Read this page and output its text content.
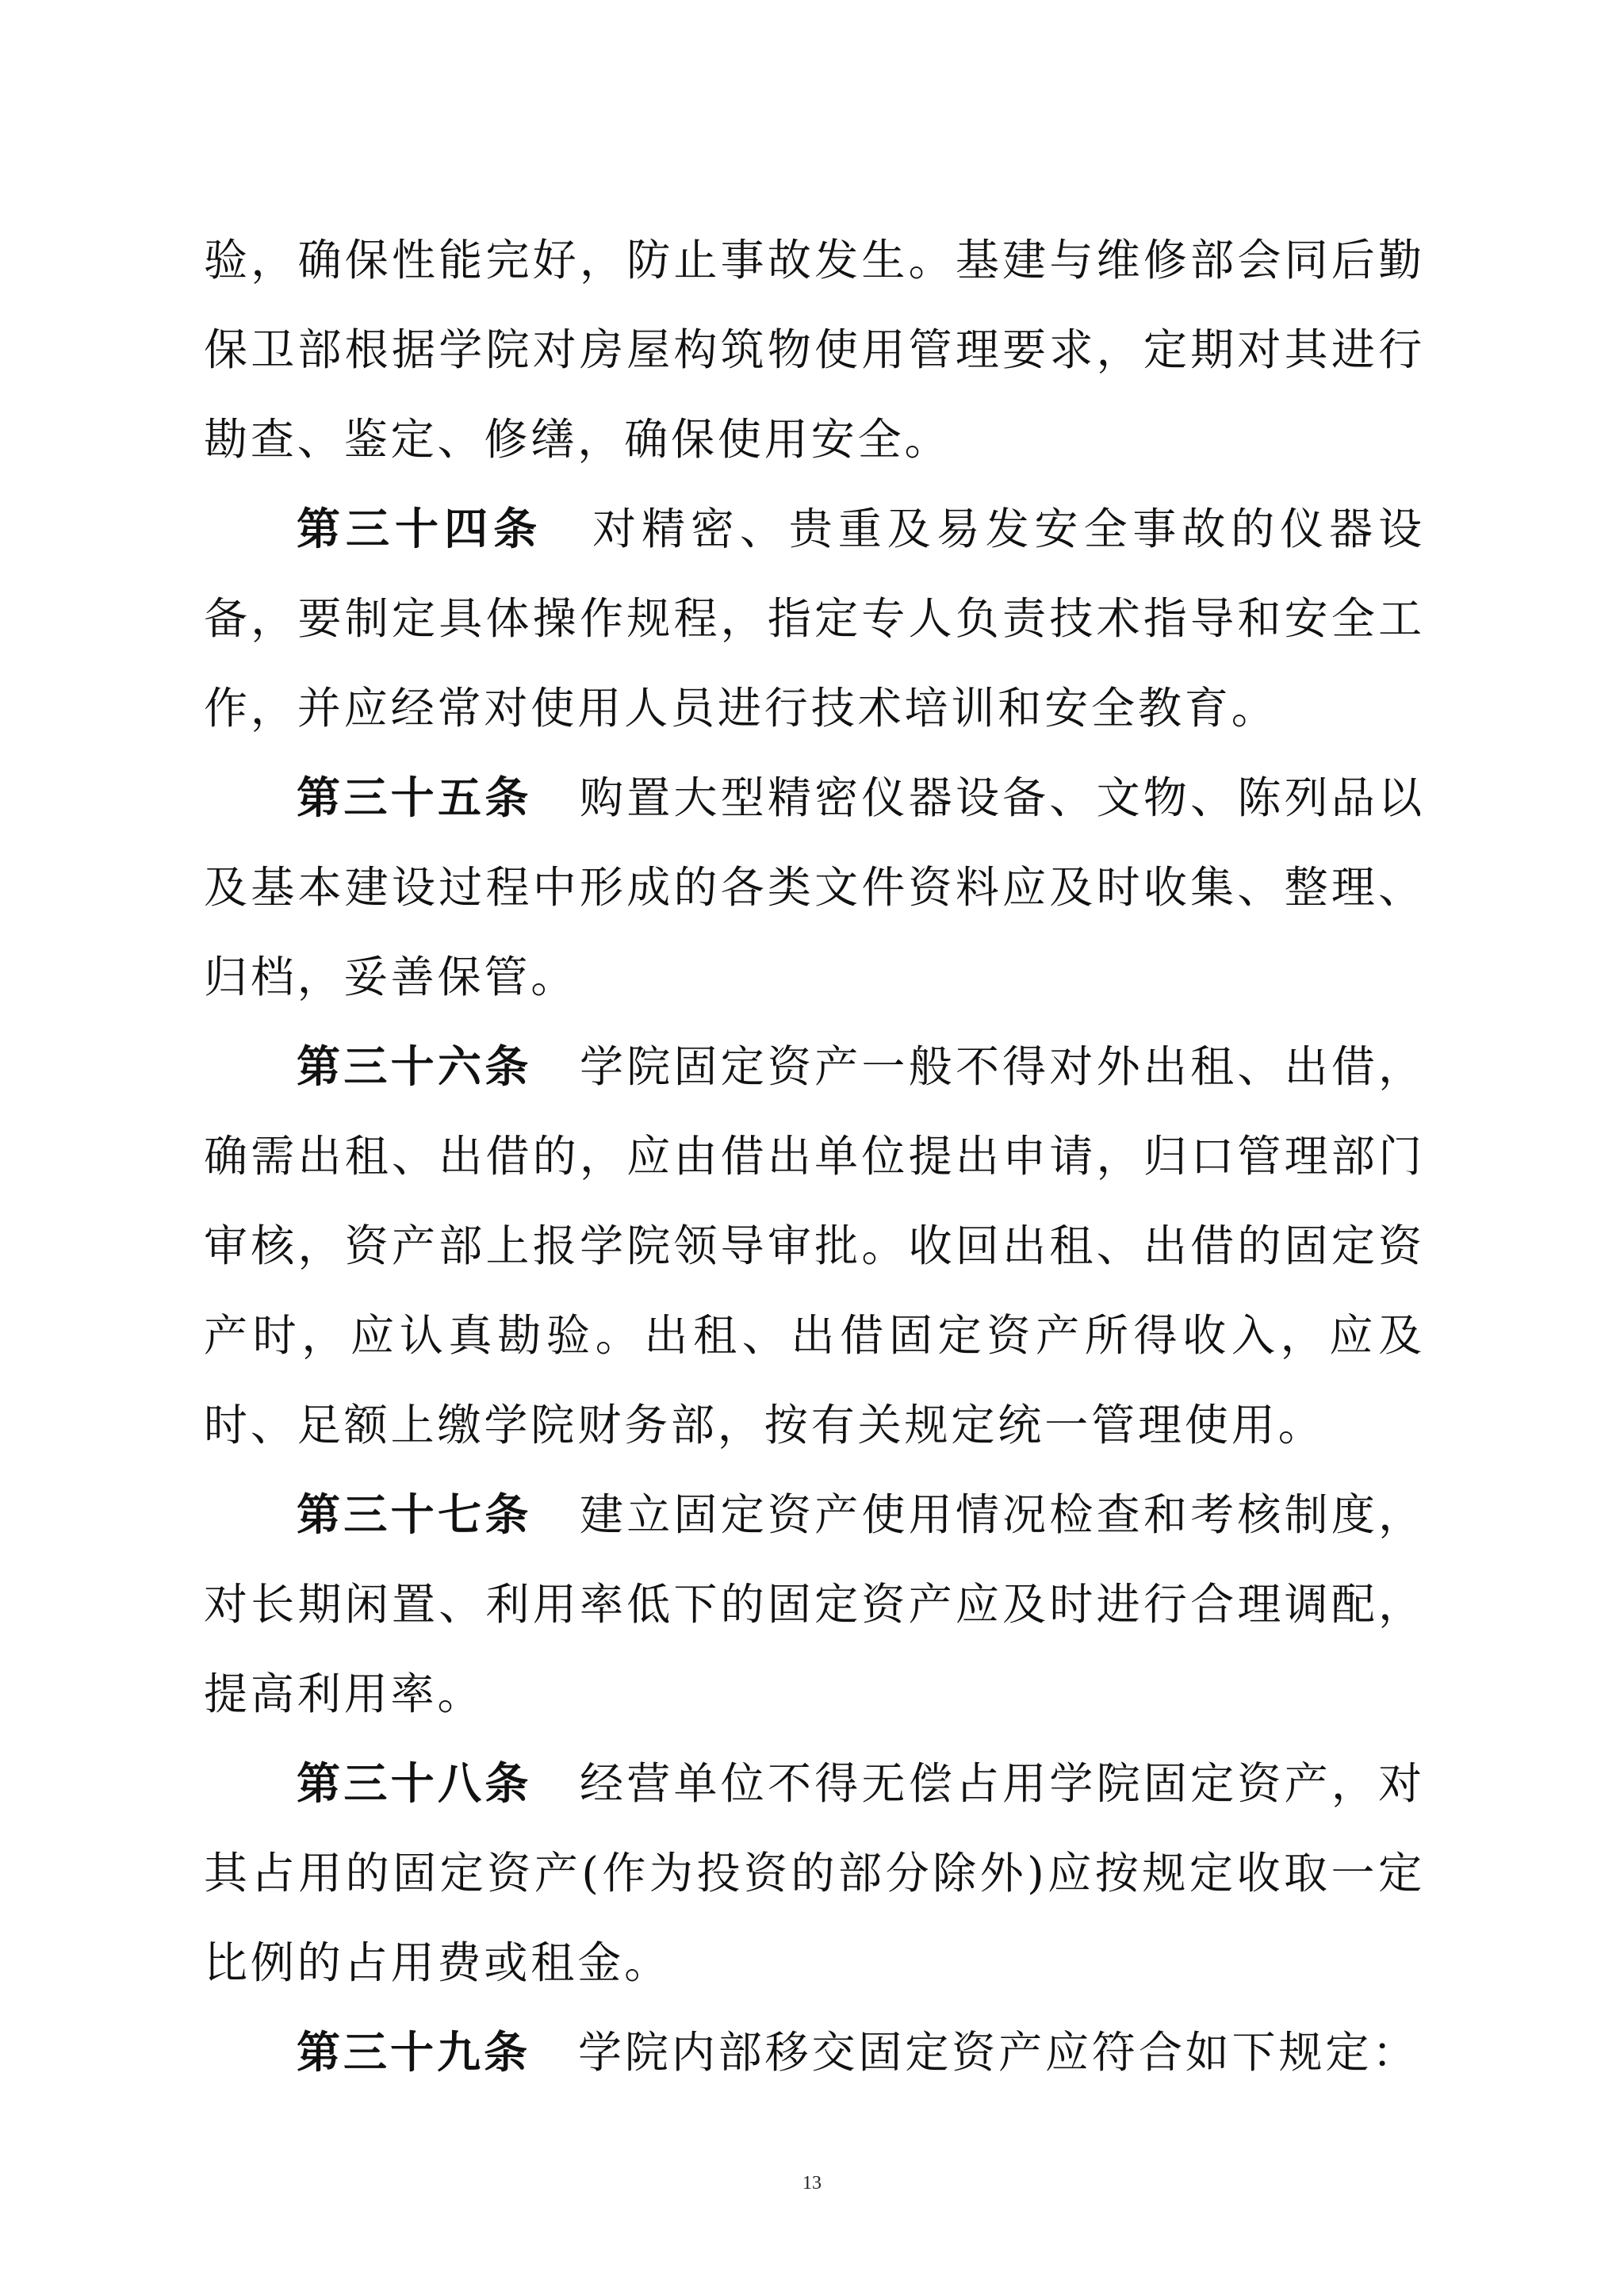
验，确保性能完好，防止事故发生。基建与维修部会同后勤保卫部根据学院对房屋构筑物使用管理要求，定期对其进行勘查、鉴定、修缮，确保使用安全。

第三十四条 对精密、贵重及易发安全事故的仪器设备，要制定具体操作规程，指定专人负责技术指导和安全工作，并应经常对使用人员进行技术培训和安全教育。

第三十五条 购置大型精密仪器设备、文物、陈列品以及基本建设过程中形成的各类文件资料应及时收集、整理、归档，妥善保管。

第三十六条 学院固定资产一般不得对外出租、出借，确需出租、出借的，应由借出单位提出申请，归口管理部门审核，资产部上报学院领导审批。收回出租、出借的固定资产时，应认真勘验。出租、出借固定资产所得收入，应及时、足额上缴学院财务部，按有关规定统一管理使用。

第三十七条 建立固定资产使用情况检查和考核制度，对长期闲置、利用率低下的固定资产应及时进行合理调配，提高利用率。

第三十八条 经营单位不得无偿占用学院固定资产，对其占用的固定资产(作为投资的部分除外)应按规定收取一定比例的占用费或租金。

第三十九条 学院内部移交固定资产应符合如下规定：

13
